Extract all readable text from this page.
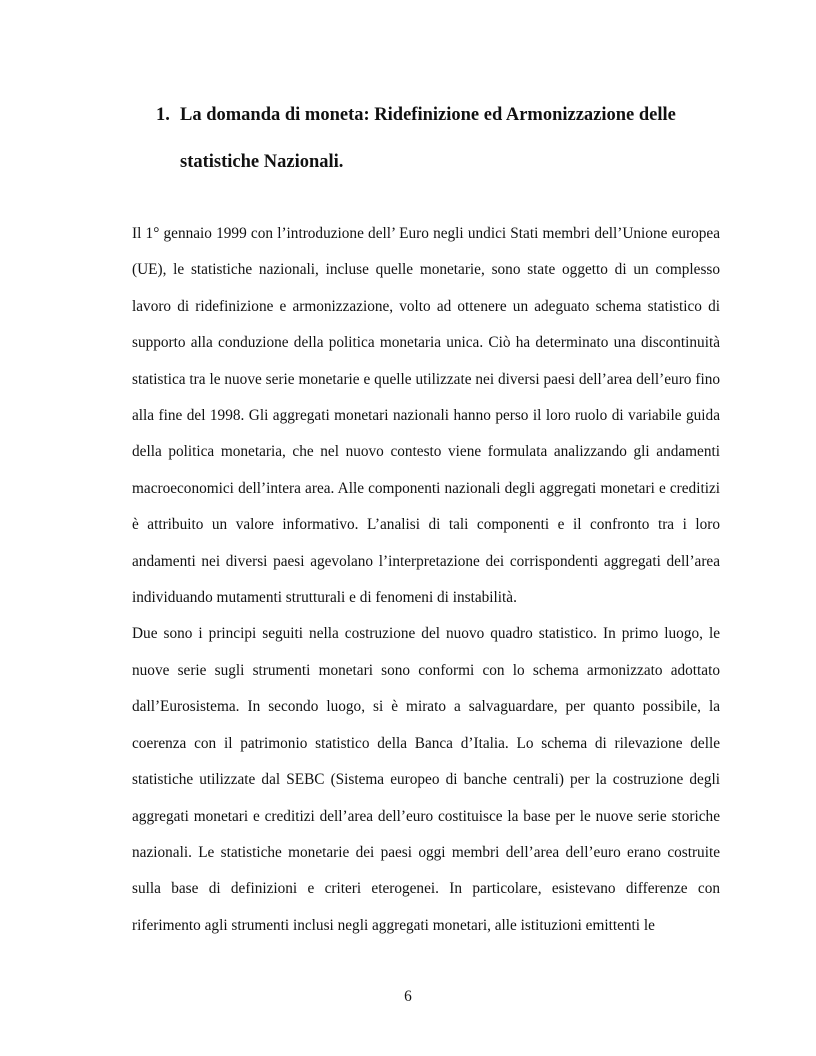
1. La domanda di moneta: Ridefinizione ed Armonizzazione delle
statistiche Nazionali.

Il 1° gennaio 1999 con l’introduzione dell’ Euro negli undici Stati membri dell’Unione europea (UE), le statistiche nazionali, incluse quelle monetarie, sono state oggetto di un complesso lavoro di ridefinizione e armonizzazione, volto ad ottenere un adeguato schema statistico di supporto alla conduzione della politica monetaria unica. Ciò ha determinato una discontinuità statistica tra le nuove serie monetarie e quelle utilizzate nei diversi paesi dell’area dell’euro fino alla fine del 1998. Gli aggregati monetari nazionali hanno perso il loro ruolo di variabile guida della politica monetaria, che nel nuovo contesto viene formulata analizzando gli andamenti macroeconomici dell’intera area. Alle componenti nazionali degli aggregati monetari e creditizi è attribuito un valore informativo. L’analisi di tali componenti e il confronto tra i loro andamenti nei diversi paesi agevolano l’interpretazione dei corrispondenti aggregati dell’area individuando mutamenti strutturali e di fenomeni di instabilità.

Due sono i principi seguiti nella costruzione del nuovo quadro statistico. In primo luogo, le nuove serie sugli strumenti monetari sono conformi con lo schema armonizzato adottato dall’Eurosistema. In secondo luogo, si è mirato a salvaguardare, per quanto possibile, la coerenza con il patrimonio statistico della Banca d’Italia. Lo schema di rilevazione delle statistiche utilizzate dal SEBC (Sistema europeo di banche centrali) per la costruzione degli aggregati monetari e creditizi dell’area dell’euro costituisce la base per le nuove serie storiche nazionali. Le statistiche monetarie dei paesi oggi membri dell’area dell’euro erano costruite sulla base di definizioni e criteri eterogenei. In particolare, esistevano differenze con riferimento agli strumenti inclusi negli aggregati monetari, alle istituzioni emittenti le

6
